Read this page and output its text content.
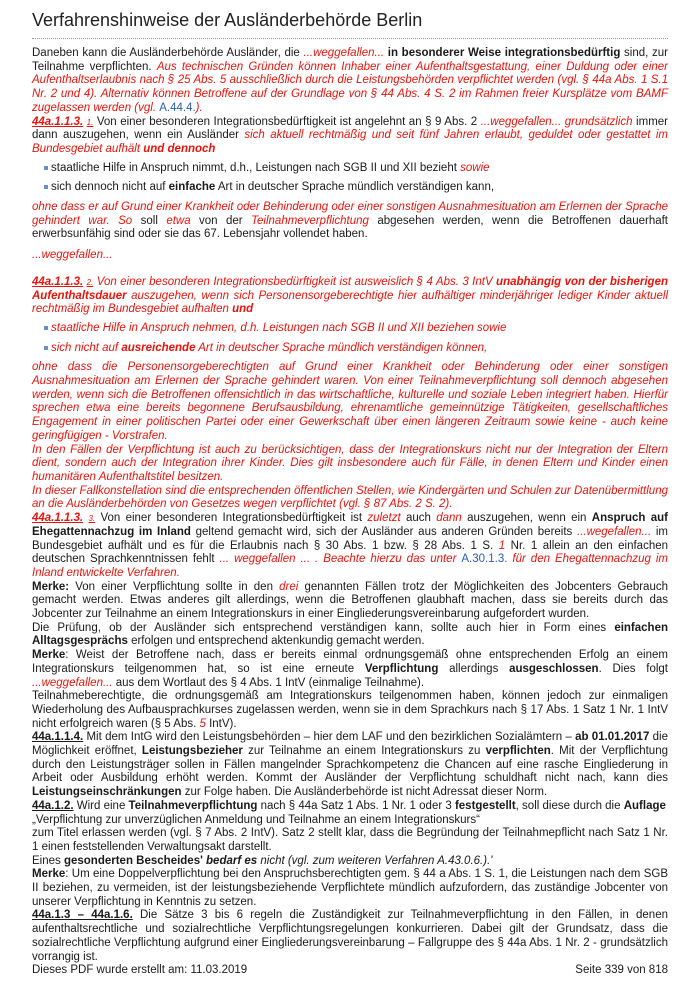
Verfahrenshinweise der Ausländerbehörde Berlin

Daneben kann die Ausländerbehörde Ausländer, die ...weggefallen... in besonderer Weise integrationsbedürftig sind, zur Teilnahme verpflichten. Aus technischen Gründen können Inhaber einer Aufenthaltsgestattung, einer Duldung oder einer Aufenthaltserlaubnis nach § 25 Abs. 5 ausschließlich durch die Leistungsbehörden verpflichtet werden (vgl. § 44a Abs. 1 S.1 Nr. 2 und 4). Alternativ können Betroffene auf der Grundlage von § 44 Abs. 4 S. 2 im Rahmen freier Kursplätze vom BAMF zugelassen werden (vgl. A.44.4.).

44a.1.1.3. 1. Von einer besonderen Integrationsbedürftigkeit ist angelehnt an § 9 Abs. 2 ...weggefallen... grundsätzlich immer dann auszugehen, wenn ein Ausländer sich aktuell rechtmäßig und seit fünf Jahren erlaubt, geduldet oder gestattet im Bundesgebiet aufhält und dennoch

staatliche Hilfe in Anspruch nimmt, d.h., Leistungen nach SGB II und XII bezieht sowie
sich dennoch nicht auf einfache Art in deutscher Sprache mündlich verständigen kann,

ohne dass er auf Grund einer Krankheit oder Behinderung oder einer sonstigen Ausnahmesituation am Erlernen der Sprache gehindert war. So soll etwa von der Teilnahmeverpflichtung abgesehen werden, wenn die Betroffenen dauerhaft erwerbsunfähig sind oder sie das 67. Lebensjahr vollendet haben.

...weggefallen...

44a.1.1.3. 2. Von einer besonderen Integrationsbedürftigkeit ist ausweislich § 4 Abs. 3 IntV unabhängig von der bisherigen Aufenthaltsdauer auszugehen, wenn sich Personensorgeberechtigte hier aufhältiger minderjähriger lediger Kinder aktuell rechtmäßig im Bundesgebiet aufhalten und

staatliche Hilfe in Anspruch nehmen, d.h. Leistungen nach SGB II und XII beziehen sowie
sich nicht auf ausreichende Art in deutscher Sprache mündlich verständigen können,

ohne dass die Personensorgeberechtigten auf Grund einer Krankheit oder Behinderung oder einer sonstigen Ausnahmesituation am Erlernen der Sprache gehindert waren. Von einer Teilnahmeverpflichtung soll dennoch abgesehen werden, wenn sich die Betroffenen offensichtlich in das wirtschaftliche, kulturelle und soziale Leben integriert haben. Hierfür sprechen etwa eine bereits begonnene Berufsausbildung, ehrenamtliche gemeinnützige Tätigkeiten, gesellschaftliches Engagement in einer politischen Partei oder einer Gewerkschaft über einen längeren Zeitraum sowie keine - auch keine geringfügigen - Vorstrafen.

In den Fällen der Verpflichtung ist auch zu berücksichtigen, dass der Integrationskurs nicht nur der Integration der Eltern dient, sondern auch der Integration ihrer Kinder. Dies gilt insbesondere auch für Fälle, in denen Eltern und Kinder einen humanitären Aufenthaltstitel besitzen.

In dieser Fallkonstellation sind die entsprechenden öffentlichen Stellen, wie Kindergärten und Schulen zur Datenübermittlung an die Ausländerbehörden von Gesetzes wegen verpflichtet (vgl. § 87 Abs. 2 S. 2).

44a.1.1.3. 3. Von einer besonderen Integrationsbedürftigkeit ist zuletzt auch dann auszugehen, wenn ein Anspruch auf Ehegattennachzug im Inland geltend gemacht wird, sich der Ausländer aus anderen Gründen bereits ...wegefallen... im Bundesgebiet aufhält und es für die Erlaubnis nach § 30 Abs. 1 bzw. § 28 Abs. 1 S. 1 Nr. 1 allein an den einfachen deutschen Sprachkenntnissen fehlt ... weggefallen ... . Beachte hierzu das unter A.30.1.3. für den Ehegattennachzug im Inland entwickelte Verfahren.

Merke: Von einer Verpflichtung sollte in den drei genannten Fällen trotz der Möglichkeiten des Jobcenters Gebrauch gemacht werden. Etwas anderes gilt allerdings, wenn die Betroffenen glaubhaft machen, dass sie bereits durch das Jobcenter zur Teilnahme an einem Integrationskurs in einer Eingliederungsvereinbarung aufgefordert wurden.

Die Prüfung, ob der Ausländer sich entsprechend verständigen kann, sollte auch hier in Form eines einfachen Alltagsgesprächs erfolgen und entsprechend aktenkundig gemacht werden.

Merke: Weist der Betroffene nach, dass er bereits einmal ordnungsgemäß ohne entsprechenden Erfolg an einem Integrationskurs teilgenommen hat, so ist eine erneute Verpflichtung allerdings ausgeschlossen. Dies folgt ...weggefallen... aus dem Wortlaut des § 4 Abs. 1 IntV (einmalige Teilnahme).

Teilnahmeberechtigte, die ordnungsgemäß am Integrationskurs teilgenommen haben, können jedoch zur einmaligen Wiederholung des Aufbausprachkurses zugelassen werden, wenn sie in dem Sprachkurs nach § 17 Abs. 1 Satz 1 Nr. 1 IntV nicht erfolgreich waren (§ 5 Abs. 5 IntV).

44a.1.1.4. Mit dem IntG wird den Leistungsbehörden – hier dem LAF und den bezirklichen Sozialämtern – ab 01.01.2017 die Möglichkeit eröffnet, Leistungsbezieher zur Teilnahme an einem Integrationskurs zu verpflichten. Mit der Verpflichtung durch den Leistungsträger sollen in Fällen mangelnder Sprachkompetenz die Chancen auf eine rasche Eingliederung in Arbeit oder Ausbildung erhöht werden. Kommt der Ausländer der Verpflichtung schuldhaft nicht nach, kann dies Leistungseinschränkungen zur Folge haben. Die Ausländerbehörde ist nicht Adressat dieser Norm.

44a.1.2. Wird eine Teilnahmeverpflichtung nach § 44a Satz 1 Abs. 1 Nr. 1 oder 3 festgestellt, soll diese durch die Auflage

„Verpflichtung zur unverzüglichen Anmeldung und Teilnahme an einem Integrationskurs“

zum Titel erlassen werden (vgl. § 7 Abs. 2 IntV). Satz 2 stellt klar, dass die Begründung der Teilnahmepflicht nach Satz 1 Nr. 1 einen feststellenden Verwaltungsakt darstellt.

Eines gesonderten Bescheides' bedarf es nicht (vgl. zum weiteren Verfahren A.43.0.6.).'

Merke: Um eine Doppelverpflichtung bei den Anspruchsberechtigten gem. § 44 a Abs. 1 S. 1, die Leistungen nach dem SGB II beziehen, zu vermeiden, ist der leistungsbeziehende Verpflichtete mündlich aufzufordern, das zuständige Jobcenter von unserer Verpflichtung in Kenntnis zu setzen.

44a.1.3 – 44a.1.6. Die Sätze 3 bis 6 regeln die Zuständigkeit zur Teilnahmeverpflichtung in den Fällen, in denen aufenthaltsrechtliche und sozialrechtliche Verpflichtungsregelungen konkurrieren. Dabei gilt der Grundsatz, dass die sozialrechtliche Verpflichtung aufgrund einer Eingliederungsvereinbarung – Fallgruppe des § 44a Abs. 1 Nr. 2 - grundsätzlich vorrangig ist.

Dieses PDF wurde erstellt am: 11.03.2019	Seite 339 von 818
